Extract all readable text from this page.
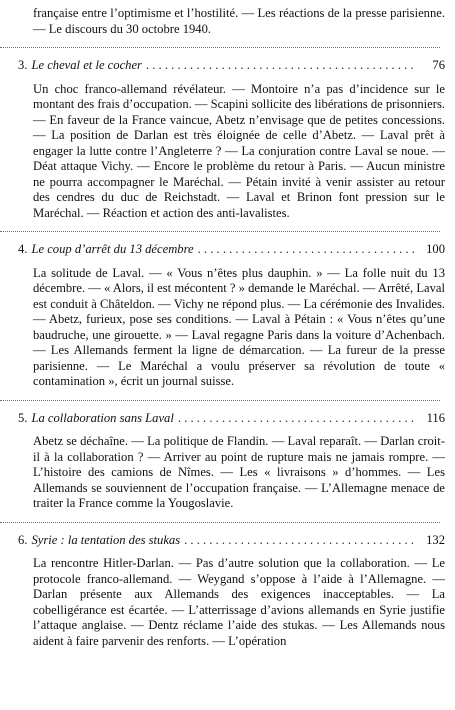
française entre l’optimisme et l’hostilité. — Les réactions de la presse parisienne. — Le discours du 30 octobre 1940.

3. Le cheval et le cocher . . .	76

Un choc franco-allemand révélateur. — Montoire n’a pas d’incidence sur le montant des frais d’occupation. — Scapini sollicite des libérations de prisonniers. — En faveur de la France vaincue, Abetz n’envisage que de petites concessions. — La position de Darlan est très éloignée de celle d’Abetz. — Laval prêt à engager la lutte contre l’Angleterre ? — La conjuration contre Laval se noue. — Déat attaque Vichy. — Encore le problème du retour à Paris. — Aucun ministre ne pourra accompagner le Maréchal. — Pétain invité à venir assister au retour des cendres du duc de Reichstadt. — Laval et Brinon font pression sur le Maréchal. — Réaction et action des anti-lavalistes.

4. Le coup d’arrêt du 13 décembre . . .	100

La solitude de Laval. — « Vous n’êtes plus dauphin. » — La folle nuit du 13 décembre. — « Alors, il est mécontent ? » demande le Maréchal. — Arrêté, Laval est conduit à Châteldon. — Vichy ne répond plus. — La cérémonie des Invalides. — Abetz, furieux, pose ses conditions. — Laval à Pétain : « Vous n’êtes qu’une baudruche, une girouette. » — Laval regagne Paris dans la voiture d’Achenbach. — Les Allemands ferment la ligne de démarcation. — La fureur de la presse parisienne. — Le Maréchal a voulu préserver sa révolution de toute « contamination », écrit un journal suisse.

5. La collaboration sans Laval . . .	116

Abetz se déchaîne. — La politique de Flandin. — Laval reparaît. — Darlan croit-il à la collaboration ? — Arriver au point de rupture mais ne jamais rompre. — L’histoire des camions de Nîmes. — Les « livraisons » d’hommes. — Les Allemands se souviennent de l’occupation française. — L’Allemagne menace de traiter la France comme la Yougoslavie.

6. Syrie : la tentation des stukas . . .	132

La rencontre Hitler-Darlan. — Pas d’autre solution que la collaboration. — Le protocole franco-allemand. — Weygand s’oppose à l’aide à l’Allemagne. — Darlan présente aux Allemands des exigences inacceptables. — La cobelligérance est écartée. — L’atterrissage d’avions allemands en Syrie justifie l’attaque anglaise. — Dentz réclame l’aide des stukas. — Les Allemands nous aident à faire parvenir des renforts. — L’opération
